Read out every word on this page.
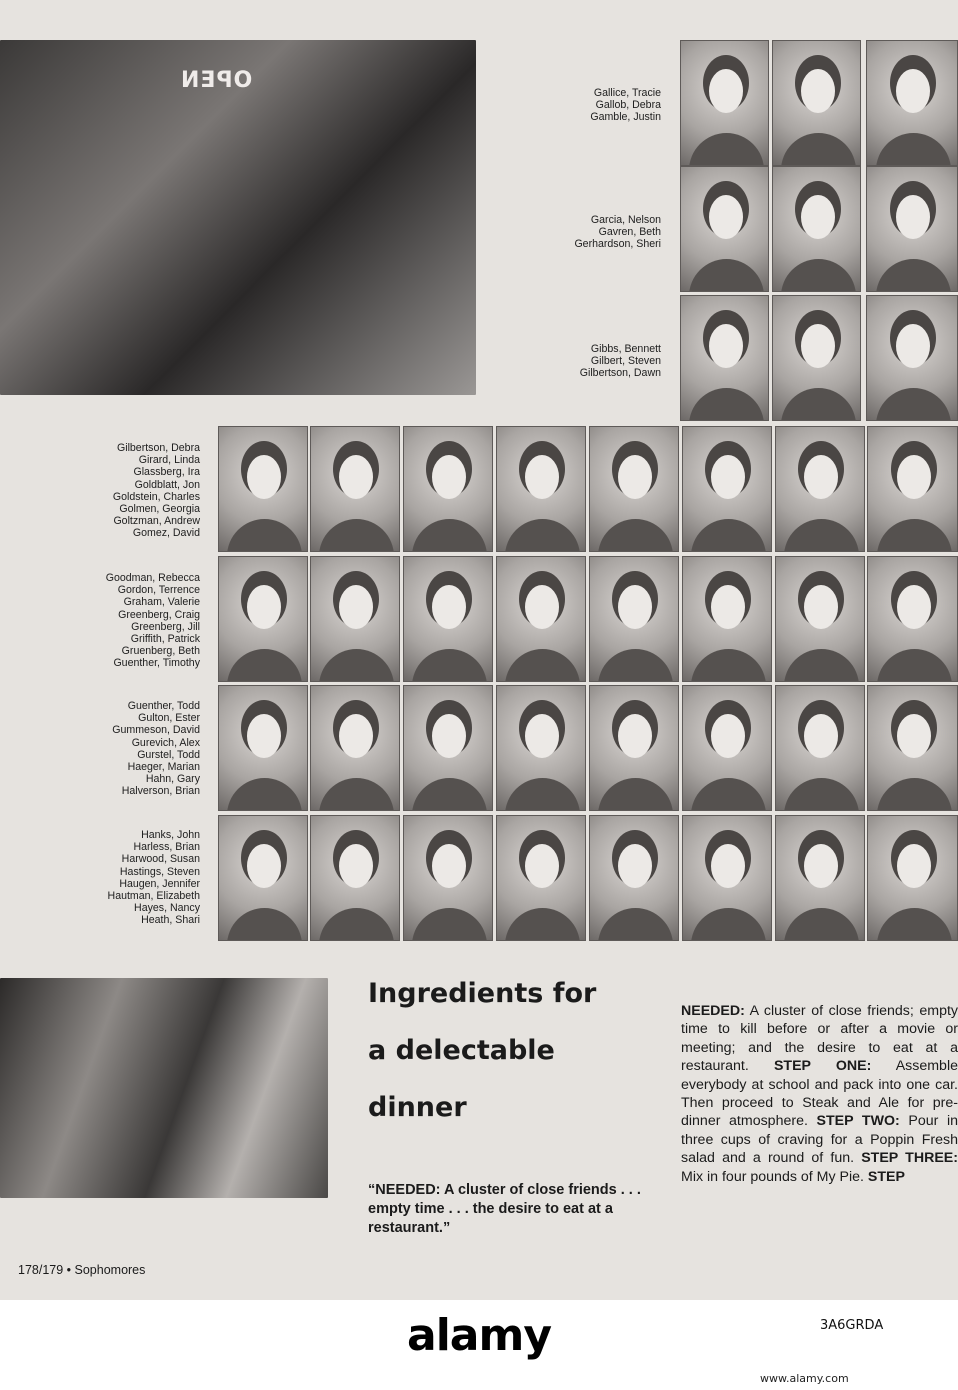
OPEN	Gallice, Tracie
Gallob, Debra
Gamble, Justin
Garcia, Nelson
Gavren, Beth
Gerhardson, Sheri
Gibbs, Bennett
Gilbert, Steven
Gilbertson, Dawn
Gilbertson, Debra
Girard, Linda
Glassberg, Ira
Goldblatt, Jon
Goldstein, Charles
Golmen, Georgia
Goltzman, Andrew
Gomez, David
Goodman, Rebecca
Gordon, Terrence
Graham, Valerie
Greenberg, Craig
Greenberg, Jill
Griffith, Patrick
Gruenberg, Beth
Guenther, Timothy
Guenther, Todd
Gulton, Ester
Gummeson, David
Gurevich, Alex
Gurstel, Todd
Haeger, Marian
Hahn, Gary
Halverson, Brian
Hanks, John
Harless, Brian
Harwood, Susan
Hastings, Steven
Haugen, Jennifer
Hautman, Elizabeth
Hayes, Nancy
Heath, Shari
Ingredients for
a delectable
dinner
“NEEDED: A cluster of close friends . . . empty time . . . the desire to eat at a restaurant.”
NEEDED: A cluster of close friends; empty time to kill before or after a movie or meeting; and the desire to eat at a restaurant. STEP ONE: Assemble everybody at school and pack into one car. Then proceed to Steak and Ale for pre-dinner atmosphere. STEP TWO: Pour in three cups of craving for a Poppin Fresh salad and a round of fun. STEP THREE: Mix in four pounds of My Pie. STEP
178/179 • Sophomores
alamy	3A6GRDA
www.alamy.com
